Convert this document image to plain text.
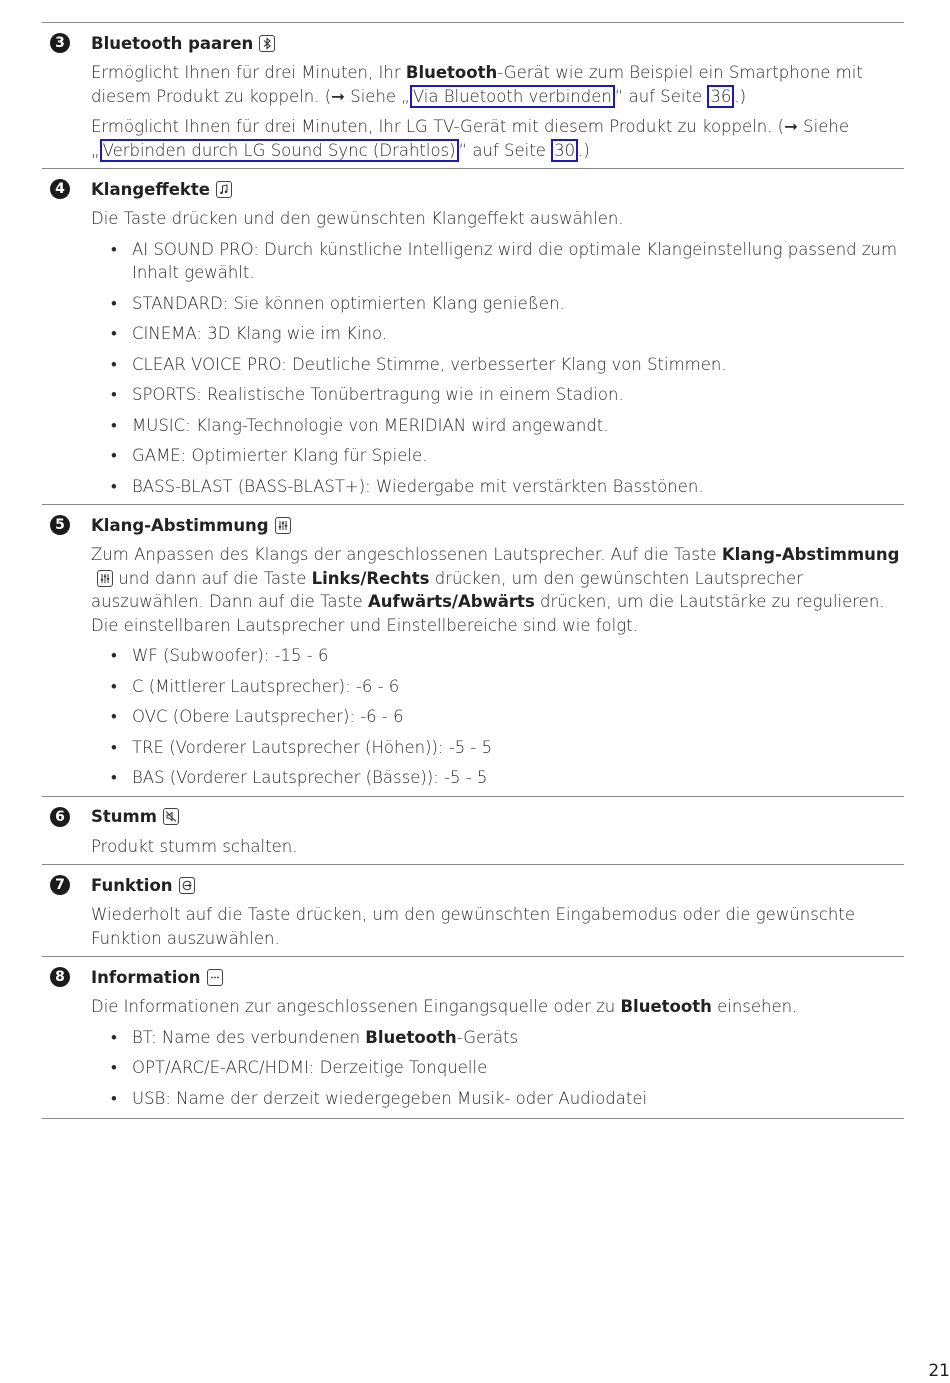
3	Bluetooth paaren
Ermöglicht Ihnen für drei Minuten, Ihr Bluetooth-Gerät wie zum Beispiel ein Smartphone mit diesem Produkt zu koppeln. (➞ Siehe „ Via Bluetooth verbinden “ auf Seite 36 .)
Ermöglicht Ihnen für drei Minuten, Ihr LG TV-Gerät mit diesem Produkt zu koppeln. (➞ Siehe „ Verbinden durch LG Sound Sync (Drahtlos) “ auf Seite 30 .)
4	Klangeffekte
Die Taste drücken und den gewünschten Klangeffekt auswählen.
• AI SOUND PRO: Durch künstliche Intelligenz wird die optimale Klangeinstellung passend zum Inhalt gewählt.
• STANDARD: Sie können optimierten Klang genießen.
• CINEMA: 3D Klang wie im Kino.
• CLEAR VOICE PRO: Deutliche Stimme, verbesserter Klang von Stimmen.
• SPORTS: Realistische Tonübertragung wie in einem Stadion.
• MUSIC: Klang-Technologie von MERIDIAN wird angewandt.
• GAME: Optimierter Klang für Spiele.
• BASS-BLAST (BASS-BLAST+): Wiedergabe mit verstärkten Basstönen.
5	Klang-Abstimmung
Zum Anpassen des Klangs der angeschlossenen Lautsprecher. Auf die Taste Klang-Abstimmung
und dann auf die Taste Links/Rechts drücken, um den gewünschten Lautsprecher auszuwählen. Dann auf die Taste Aufwärts/Abwärts drücken, um die Lautstärke zu regulieren. Die einstellbaren Lautsprecher und Einstellbereiche sind wie folgt.
• WF (Subwoofer): -15 - 6
• C (Mittlerer Lautsprecher): -6 - 6
• OVC (Obere Lautsprecher): -6 - 6
• TRE (Vorderer Lautsprecher (Höhen)): -5 - 5
• BAS (Vorderer Lautsprecher (Bässe)): -5 - 5
6	Stumm
Produkt stumm schalten.
7	Funktion
Wiederholt auf die Taste drücken, um den gewünschten Eingabemodus oder die gewünschte Funktion auszuwählen.
8	Information
Die Informationen zur angeschlossenen Eingangsquelle oder zu Bluetooth einsehen.
• BT: Name des verbundenen Bluetooth-Geräts
• OPT/ARC/E-ARC/HDMI: Derzeitige Tonquelle
• USB: Name der derzeit wiedergegeben Musik- oder Audiodatei
21
